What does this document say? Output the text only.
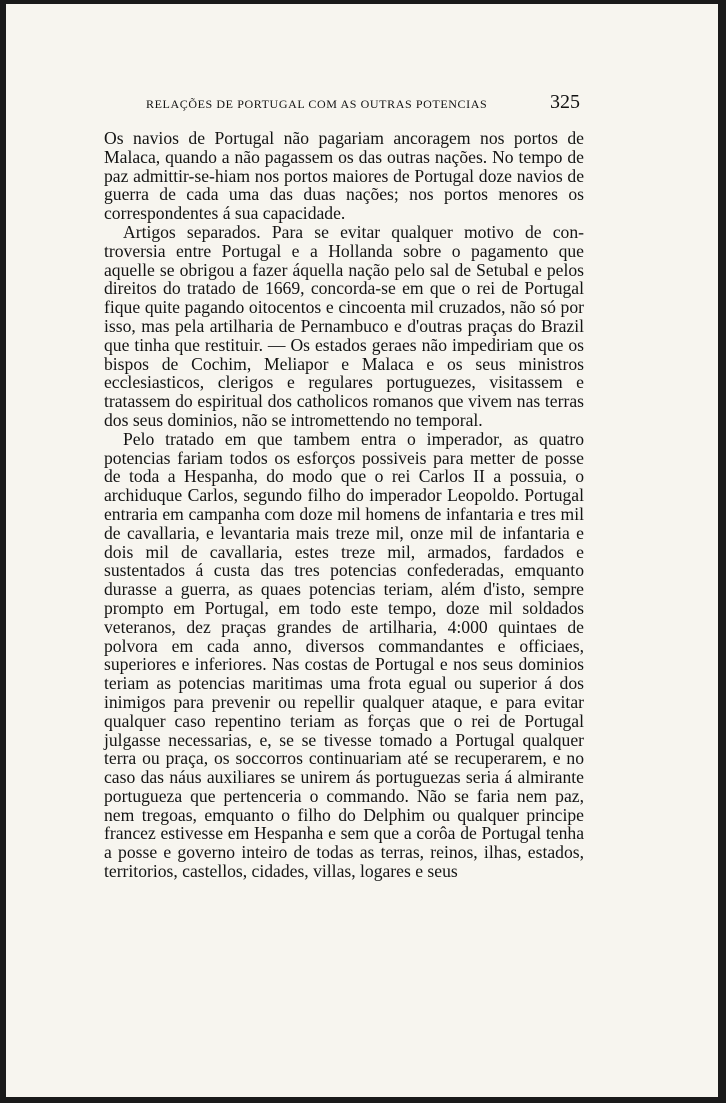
RELAÇÕES DE PORTUGAL COM AS OUTRAS POTENCIAS	325

Os navios de Portugal não pagariam ancoragem nos portos de Malaca, quando a não pagassem os das outras nações. No tempo de paz admittir-se-hiam nos portos maiores de Portugal doze navios de guerra de cada uma das duas nações; nos portos menores os correspondentes á sua capacidade.

Artigos separados. Para se evitar qualquer motivo de controversia entre Portugal e a Hollanda sobre o pagamento que aquelle se obrigou a fazer áquella nação pelo sal de Setubal e pelos direitos do tratado de 1669, concorda-se em que o rei de Portugal fique quite pagando oitocentos e cincoenta mil cruzados, não só por isso, mas pela artilharia de Pernambuco e d'outras praças do Brazil que tinha que restituir. — Os estados geraes não impediriam que os bispos de Cochim, Meliapor e Malaca e os seus ministros ecclesiasticos, clerigos e regulares portuguezes, visitassem e tratassem do espiritual dos catholicos romanos que vivem nas terras dos seus dominios, não se intromettendo no temporal.

Pelo tratado em que tambem entra o imperador, as quatro potencias fariam todos os esforços possiveis para metter de posse de toda a Hespanha, do modo que o rei Carlos II a possuia, o archiduque Carlos, segundo filho do imperador Leopoldo. Portugal entraria em campanha com doze mil homens de infantaria e tres mil de cavallaria, e levantaria mais treze mil, onze mil de infantaria e dois mil de cavallaria, estes treze mil, armados, fardados e sustentados á custa das tres potencias confederadas, emquanto durasse a guerra, as quaes potencias teriam, além d'isto, sempre prompto em Portugal, em todo este tempo, doze mil soldados veteranos, dez praças grandes de artilharia, 4:000 quintaes de polvora em cada anno, diversos commandantes e officiaes, superiores e inferiores. Nas costas de Portugal e nos seus dominios teriam as potencias maritimas uma frota egual ou superior á dos inimigos para prevenir ou repellir qualquer ataque, e para evitar qualquer caso repentino teriam as forças que o rei de Portugal julgasse necessarias, e, se se tivesse tomado a Portugal qualquer terra ou praça, os soccorros continuariam até se recuperarem, e no caso das náus auxiliares se unirem ás portuguezas seria á almirante portugueza que pertenceria o commando. Não se faria nem paz, nem tregoas, emquanto o filho do Delphim ou qualquer principe francez estivesse em Hespanha e sem que a corôa de Portugal tenha a posse e governo inteiro de todas as terras, reinos, ilhas, estados, territorios, castellos, cidades, villas, logares e seus
